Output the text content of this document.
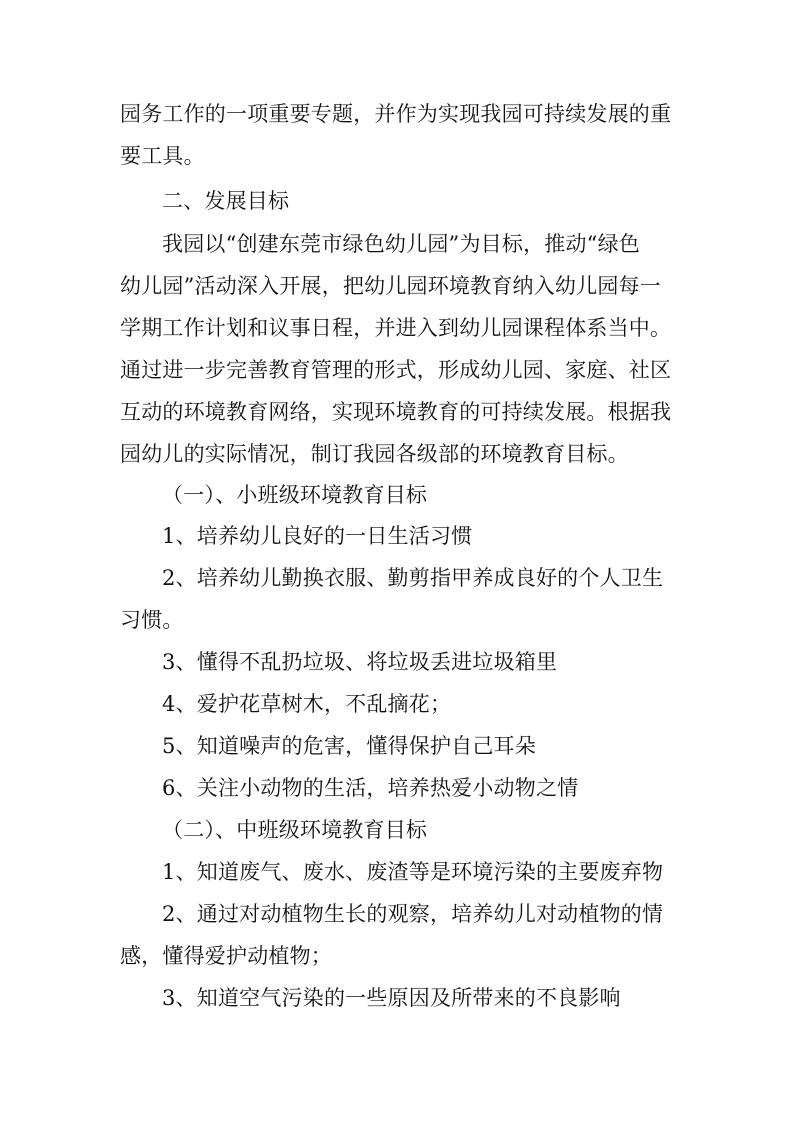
园务工作的一项重要专题，并作为实现我园可持续发展的重
要工具。
二、发展目标
我园以“创建东莞市绿色幼儿园”为目标，推动“绿色
幼儿园”活动深入开展，把幼儿园环境教育纳入幼儿园每一
学期工作计划和议事日程，并进入到幼儿园课程体系当中。
通过进一步完善教育管理的形式，形成幼儿园、家庭、社区
互动的环境教育网络，实现环境教育的可持续发展。根据我
园幼儿的实际情况，制订我园各级部的环境教育目标。
（一）、小班级环境教育目标
1、培养幼儿良好的一日生活习惯
2、培养幼儿勤换衣服、勤剪指甲养成良好的个人卫生
习惯。
3、懂得不乱扔垃圾、将垃圾丢进垃圾箱里
4、爱护花草树木，不乱摘花；
5、知道噪声的危害，懂得保护自己耳朵
6、关注小动物的生活，培养热爱小动物之情
（二）、中班级环境教育目标
1、知道废气、废水、废渣等是环境污染的主要废弃物
2、通过对动植物生长的观察，培养幼儿对动植物的情
感，懂得爱护动植物；
3、知道空气污染的一些原因及所带来的不良影响
